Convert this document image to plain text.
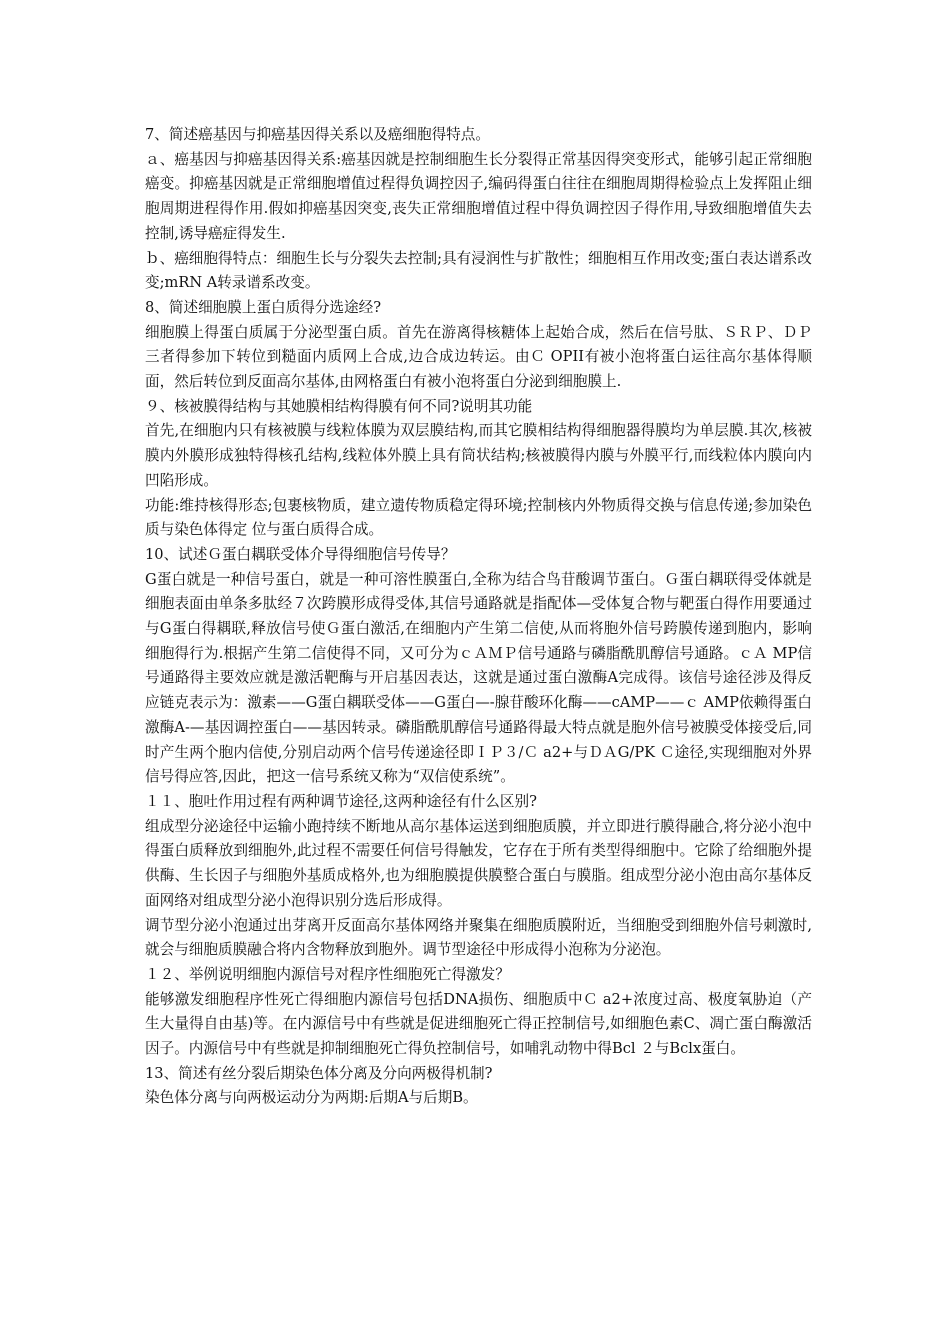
7、简述癌基因与抑癌基因得关系以及癌细胞得特点。

ａ、癌基因与抑癌基因得关系:癌基因就是控制细胞生长分裂得正常基因得突变形式，能够引起正常细胞癌变。抑癌基因就是正常细胞增值过程得负调控因子,编码得蛋白往往在细胞周期得检验点上发挥阻止细胞周期进程得作用.假如抑癌基因突变,丧失正常细胞增值过程中得负调控因子得作用,导致细胞增值失去控制,诱导癌症得发生.

ｂ、癌细胞得特点：细胞生长与分裂失去控制;具有浸润性与扩散性；细胞相互作用改变;蛋白表达谱系改变;mRN A转录谱系改变。

8、简述细胞膜上蛋白质得分选途经?

细胞膜上得蛋白质属于分泌型蛋白质。首先在游离得核糖体上起始合成，然后在信号肽、ＳＲＰ、ＤＰ三者得参加下转位到糙面内质网上合成,边合成边转运。由Ｃ OPII有被小泡将蛋白运往高尔基体得顺面，然后转位到反面高尔基体,由网格蛋白有被小泡将蛋白分泌到细胞膜上.

９、核被膜得结构与其她膜相结构得膜有何不同?说明其功能

首先,在细胞内只有核被膜与线粒体膜为双层膜结构,而其它膜相结构得细胞器得膜均为单层膜.其次,核被膜内外膜形成独特得核孔结构,线粒体外膜上具有筒状结构;核被膜得内膜与外膜平行,而线粒体内膜向内凹陷形成。

功能:维持核得形态;包裹核物质，建立遗传物质稳定得环境;控制核内外物质得交换与信息传递;参加染色质与染色体得定 位与蛋白质得合成。

10、试述Ｇ蛋白耦联受体介导得细胞信号传导？

G蛋白就是一种信号蛋白，就是一种可溶性膜蛋白,全称为结合鸟苷酸调节蛋白。Ｇ蛋白耦联得受体就是细胞表面由单条多肽经７次跨膜形成得受体,其信号通路就是指配体—受体复合物与靶蛋白得作用要通过与G蛋白得耦联,释放信号使Ｇ蛋白激活,在细胞内产生第二信使,从而将胞外信号跨膜传递到胞内，影响细胞得行为.根据产生第二信使得不同，又可分为ｃＡＭＰ信号通路与磷脂酰肌醇信号通路。ｃＡ MP信号通路得主要效应就是激活靶酶与开启基因表达，这就是通过蛋白激酶A完成得。该信号途径涉及得反应链克表示为：激素——G蛋白耦联受体——G蛋白—-腺苷酸环化酶——cAMP——ｃ AMP依赖得蛋白激酶A-—基因调控蛋白——基因转录。磷脂酰肌醇信号通路得最大特点就是胞外信号被膜受体接受后,同时产生两个胞内信使,分别启动两个信号传递途径即ＩＰ３/Ｃ a2+与ＤＡG/PK Ｃ途径,实现细胞对外界信号得应答,因此，把这一信号系统又称为“双信使系统”。

１１、胞吐作用过程有两种调节途径,这两种途径有什么区别?

组成型分泌途径中运输小跑持续不断地从高尔基体运送到细胞质膜，并立即进行膜得融合,将分泌小泡中得蛋白质释放到细胞外,此过程不需要任何信号得触发，它存在于所有类型得细胞中。它除了给细胞外提供酶、生长因子与细胞外基质成格外,也为细胞膜提供膜整合蛋白与膜脂。组成型分泌小泡由高尔基体反面网络对组成型分泌小泡得识别分选后形成得。

调节型分泌小泡通过出芽离开反面高尔基体网络并聚集在细胞质膜附近，当细胞受到细胞外信号刺激时,就会与细胞质膜融合将内含物释放到胞外。调节型途径中形成得小泡称为分泌泡。

１２、举例说明细胞内源信号对程序性细胞死亡得激发？

能够激发细胞程序性死亡得细胞内源信号包括DNA损伤、细胞质中Ｃ a2+浓度过高、极度氧胁迫（产生大量得自由基)等。在内源信号中有些就是促进细胞死亡得正控制信号,如细胞色素C、凋亡蛋白酶激活因子。内源信号中有些就是抑制细胞死亡得负控制信号，如哺乳动物中得Bcl ２与Bclx蛋白。

13、简述有丝分裂后期染色体分离及分向两极得机制?

染色体分离与向两极运动分为两期:后期A与后期B。
